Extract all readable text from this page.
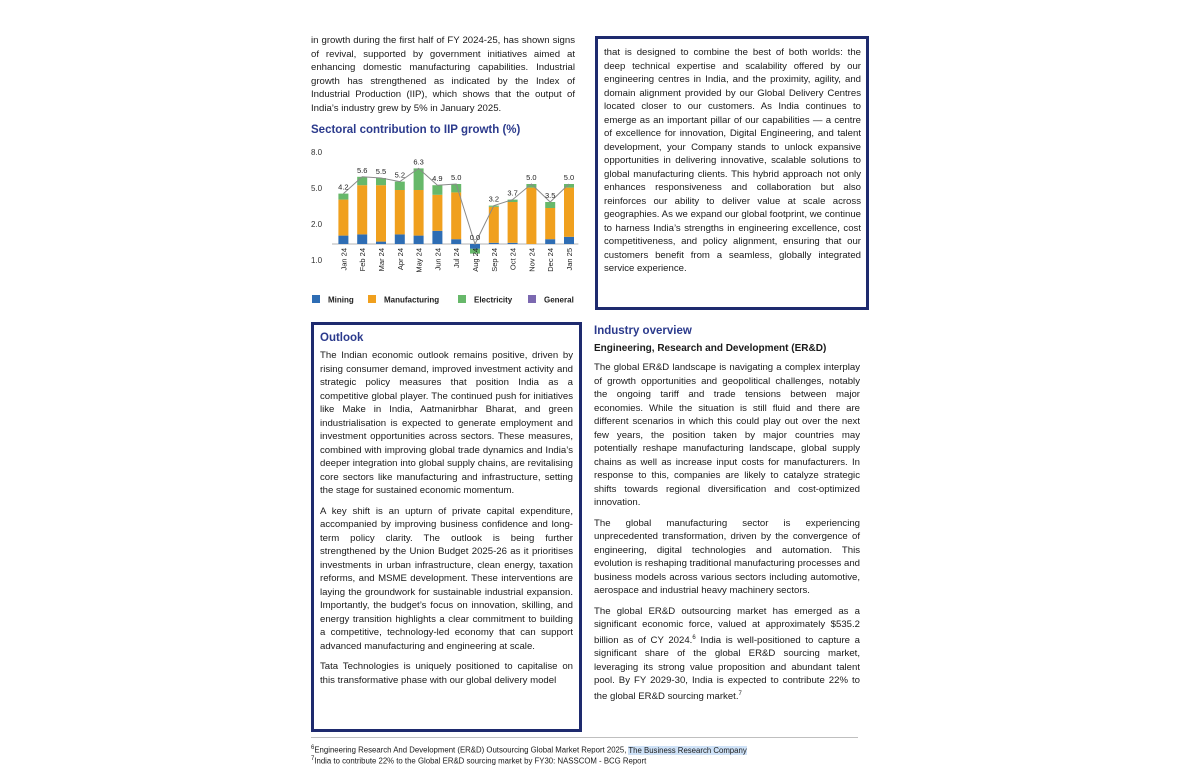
in growth during the first half of FY 2024-25, has shown signs of revival, supported by government initiatives aimed at enhancing domestic manufacturing capabilities. Industrial growth has strengthened as indicated by the Index of Industrial Production (IIP), which shows that the output of India’s industry grew by 5% in January 2025.

Sectoral contribution to IIP growth (%)
8.0
5.0
2.0
1.0
4.2
5.6 5.5 5.2
6.3
4.9 5.0
0.0
3.2
3.7
5.0
3.5
5.0
Jan 24 Feb 24 Mar 24 Apr 24 May 24 Jun 24 Jul 24 Aug 24 Sep 24 Oct 24 Nov 24 Dec 24 Jan 25
Mining	Manufacturing	Electricity	General

that is designed to combine the best of both worlds: the deep technical expertise and scalability offered by our engineering centres in India, and the proximity, agility, and domain alignment provided by our Global Delivery Centres located closer to our customers. As India continues to emerge as an important pillar of our capabilities — a centre of excellence for innovation, Digital Engineering, and talent development, your Company stands to unlock expansive opportunities in delivering innovative, scalable solutions to global manufacturing clients. This hybrid approach not only enhances responsiveness and collaboration but also reinforces our ability to deliver value at scale across geographies. As we expand our global footprint, we continue to harness India’s strengths in engineering excellence, cost competitiveness, and policy alignment, ensuring that our customers benefit from a seamless, globally integrated service experience.

Outlook

The Indian economic outlook remains positive, driven by rising consumer demand, improved investment activity and strategic policy measures that position India as a competitive global player. The continued push for initiatives like Make in India, Aatmanirbhar Bharat, and green industrialisation is expected to generate employment and investment opportunities across sectors. These measures, combined with improving global trade dynamics and India’s deeper integration into global supply chains, are revitalising core sectors like manufacturing and infrastructure, setting the stage for sustained economic momentum.

A key shift is an upturn of private capital expenditure, accompanied by improving business confidence and long-term policy clarity. The outlook is being further strengthened by the Union Budget 2025-26 as it prioritises investments in urban infrastructure, clean energy, taxation reforms, and MSME development. These interventions are laying the groundwork for sustainable industrial expansion. Importantly, the budget’s focus on innovation, skilling, and energy transition highlights a clear commitment to building a competitive, technology-led economy that can support advanced manufacturing and engineering at scale.

Tata Technologies is uniquely positioned to capitalise on this transformative phase with our global delivery model

Industry overview
Engineering, Research and Development (ER&D)

The global ER&D landscape is navigating a complex interplay of growth opportunities and geopolitical challenges, notably the ongoing tariff and trade tensions between major economies. While the situation is still fluid and there are different scenarios in which this could play out over the next few years, the position taken by major countries may potentially reshape manufacturing landscape, global supply chains as well as increase input costs for manufacturers. In response to this, companies are likely to catalyze strategic shifts towards regional diversification and cost-optimized innovation.

The global manufacturing sector is experiencing unprecedented transformation, driven by the convergence of engineering, digital technologies and automation. This evolution is reshaping traditional manufacturing processes and business models across various sectors including automotive, aerospace and industrial heavy machinery sectors.

The global ER&D outsourcing market has emerged as a significant economic force, valued at approximately $535.2 billion as of CY 2024.$^6$ India is well-positioned to capture a significant share of the global ER&D sourcing market, leveraging its strong value proposition and abundant talent pool. By FY 2029-30, India is expected to contribute 22% to the global ER&D sourcing market.$^7$

$^6$Engineering Research And Development (ER&D) Outsourcing Global Market Report 2025, The Business Research Company
$^7$India to contribute 22% to the Global ER&D sourcing market by FY30: NASSCOM - BCG Report
